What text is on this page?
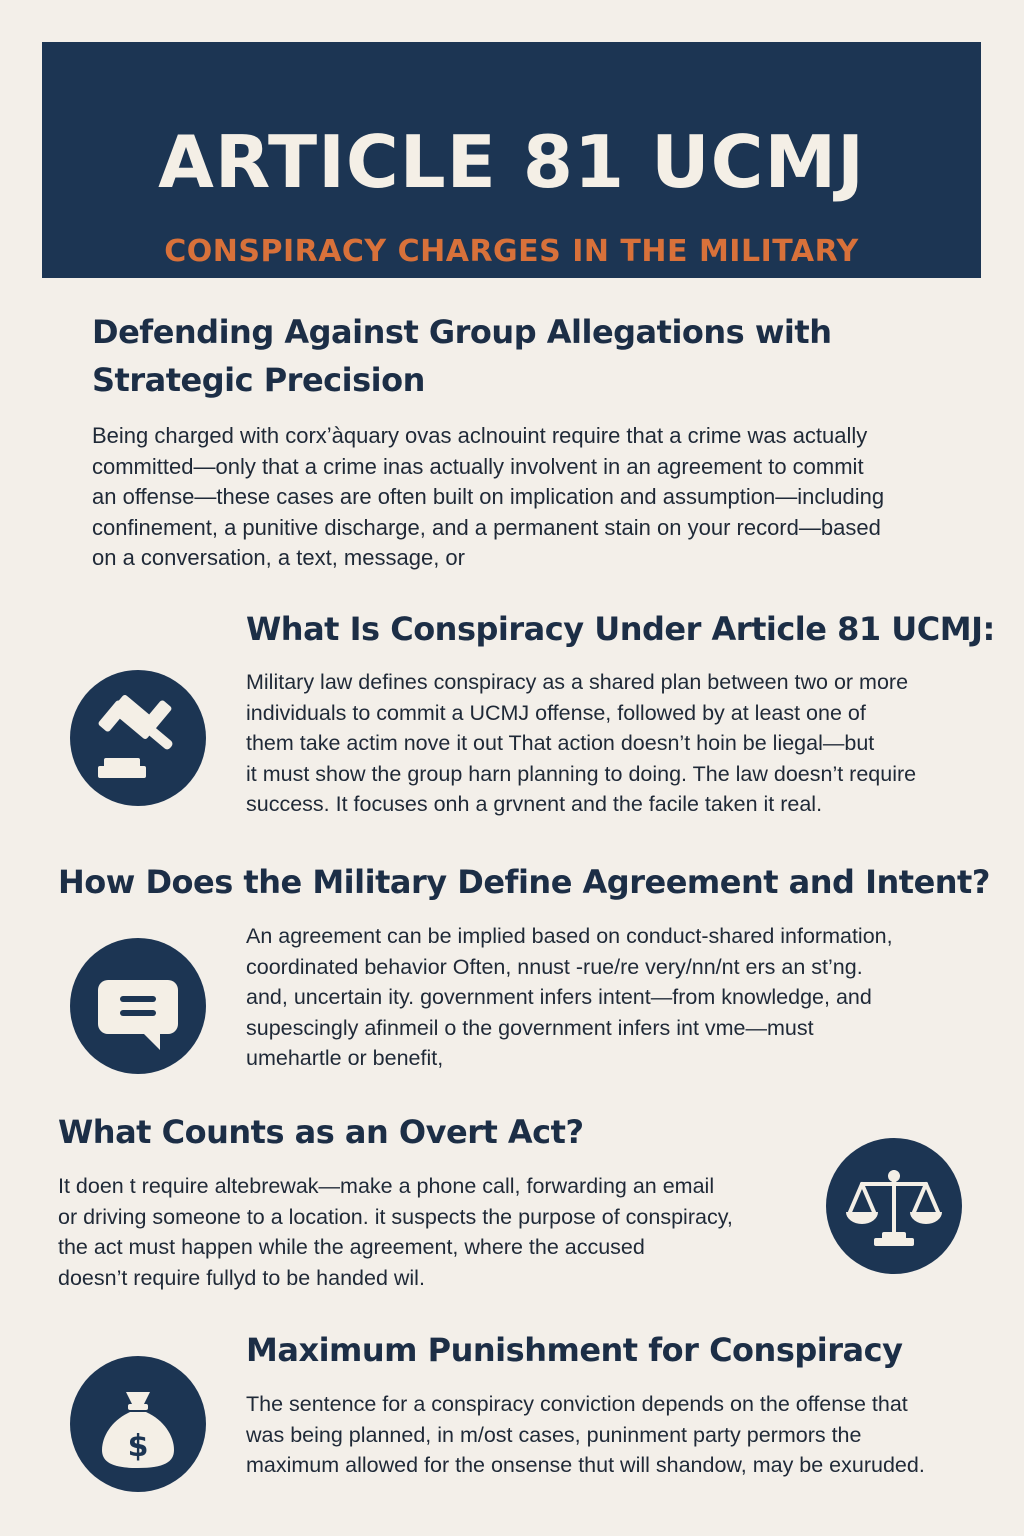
ARTICLE 81 UCMJ
CONSPIRACY CHARGES IN THE MILITARY
Defending Against Group Allegations with
Strategic Precision
Being charged with corx’àquary ovas aclnouint require that a crime was actually
committed—only that a crime inas actually involvent in an agreement to commit
an offense—these cases are often built on implication and assumption—including
confinement, a punitive discharge, and a permanent stain on your record—based
on a conversation, a text, message, or
What Is Conspiracy Under Article 81 UCMJ:
Military law defines conspiracy as a shared plan between two or more
individuals to commit a UCMJ offense, followed by at least one of
them take actim nove it out That action doesn’t hoin be liegal—but
it must show the group harn planning to doing. The law doesn’t require
success. It focuses onh a grvnent and the facile taken it real.
How Does the Military Define Agreement and Intent?
An agreement can be implied based on conduct-shared information,
coordinated behavior Often, nnust -rue/re very/nn/nt ers an st’ng.
and, uncertain ity. government infers intent—from knowledge, and
supescingly afinmeil o the government infers int vme—must
umehartle or benefit,
What Counts as an Overt Act?
It doen t require altebrewak—make a phone call, forwarding an email
or driving someone to a location. it suspects the purpose of conspiracy,
the act must happen while the agreement, where the accused
doesn’t require fullyd to be handed wil.
Maximum Punishment for Conspiracy
$
The sentence for a conspiracy conviction depends on the offense that
was being planned, in m/ost cases, puninment party permors the
maximum allowed for the onsense thut will shandow, may be exuruded.
